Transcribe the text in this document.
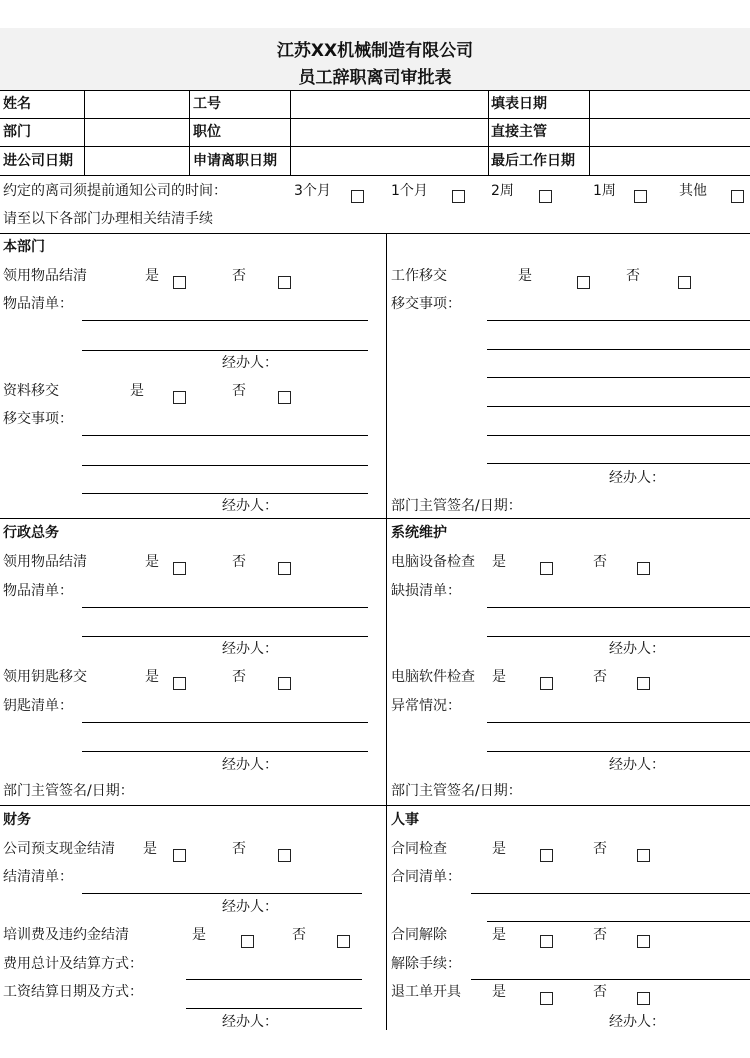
江苏XX机械制造有限公司
员工辞职离司审批表
姓名	工号	填表日期
部门	职位	直接主管
进公司日期	申请离职日期	最后工作日期
约定的离司须提前通知公司的时间：	3个月	1个月	2周	1周	其他
请至以下各部门办理相关结清手续
本部门
领用物品结清	是	否
物品清单：
经办人：
资料移交	是	否
移交事项：
经办人：
工作移交	是	否
移交事项：
经办人：
部门主管签名/日期：
行政总务
领用物品结清	是	否
物品清单：
经办人：
领用钥匙移交	是	否
钥匙清单：
经办人：
部门主管签名/日期：
系统维护
电脑设备检查 是	否
缺损清单：
经办人：
电脑软件检查 是	否
异常情况：
经办人：
部门主管签名/日期：
财务
公司预支现金结清 是	否
结清清单：
经办人：
培训费及违约金结清	是	否
费用总计及结算方式：
工资结算日期及方式：
经办人：
人事
合同检查	是	否
合同清单：
合同解除	是	否
解除手续：
退工单开具 是	否
经办人：
